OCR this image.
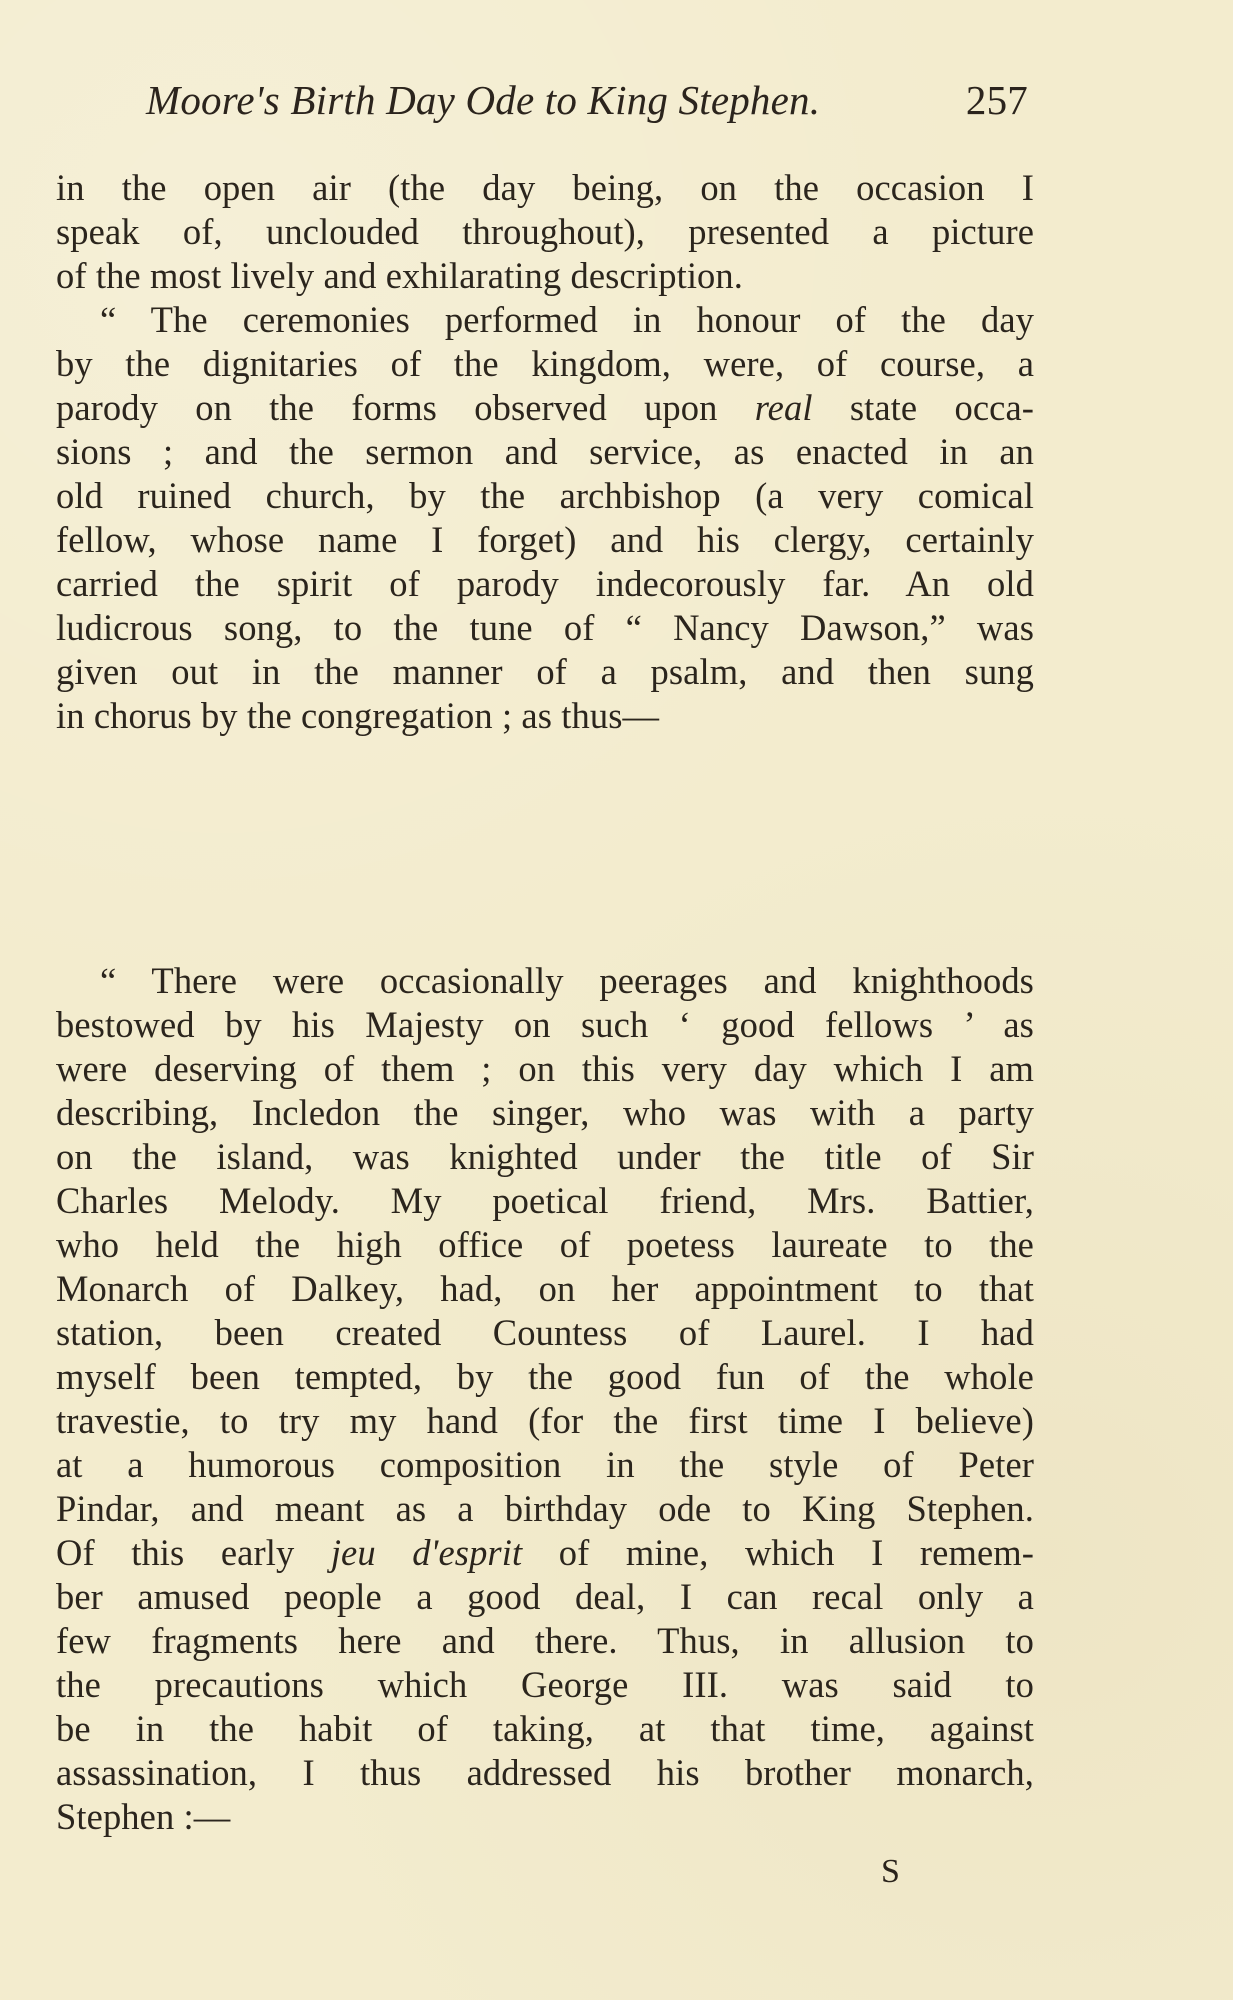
Moore's Birth Day Ode to King Stephen.	257
in the open air (the day being, on the occasion I
speak of, unclouded throughout), presented a picture
of the most lively and exhilarating description.
“ The ceremonies performed in honour of the day
by the dignitaries of the kingdom, were, of course, a
parody on the forms observed upon real state occa-
sions ; and the sermon and service, as enacted in an
old ruined church, by the archbishop (a very comical
fellow, whose name I forget) and his clergy, certainly
carried the spirit of parody indecorously far. An old
ludicrous song, to the tune of “ Nancy Dawson,” was
given out in the manner of a psalm, and then sung
in chorus by the congregation ; as thus—
“ There were occasionally peerages and knighthoods
bestowed by his Majesty on such ‘ good fellows ’ as
were deserving of them ; on this very day which I am
describing, Incledon the singer, who was with a party
on the island, was knighted under the title of Sir
Charles Melody. My poetical friend, Mrs. Battier,
who held the high office of poetess laureate to the
Monarch of Dalkey, had, on her appointment to that
station, been created Countess of Laurel. I had
myself been tempted, by the good fun of the whole
travestie, to try my hand (for the first time I believe)
at a humorous composition in the style of Peter
Pindar, and meant as a birthday ode to King Stephen.
Of this early jeu d'esprit of mine, which I remem-
ber amused people a good deal, I can recal only a
few fragments here and there. Thus, in allusion to
the precautions which George III. was said to
be in the habit of taking, at that time, against
assassination, I thus addressed his brother monarch,
Stephen :—
S
